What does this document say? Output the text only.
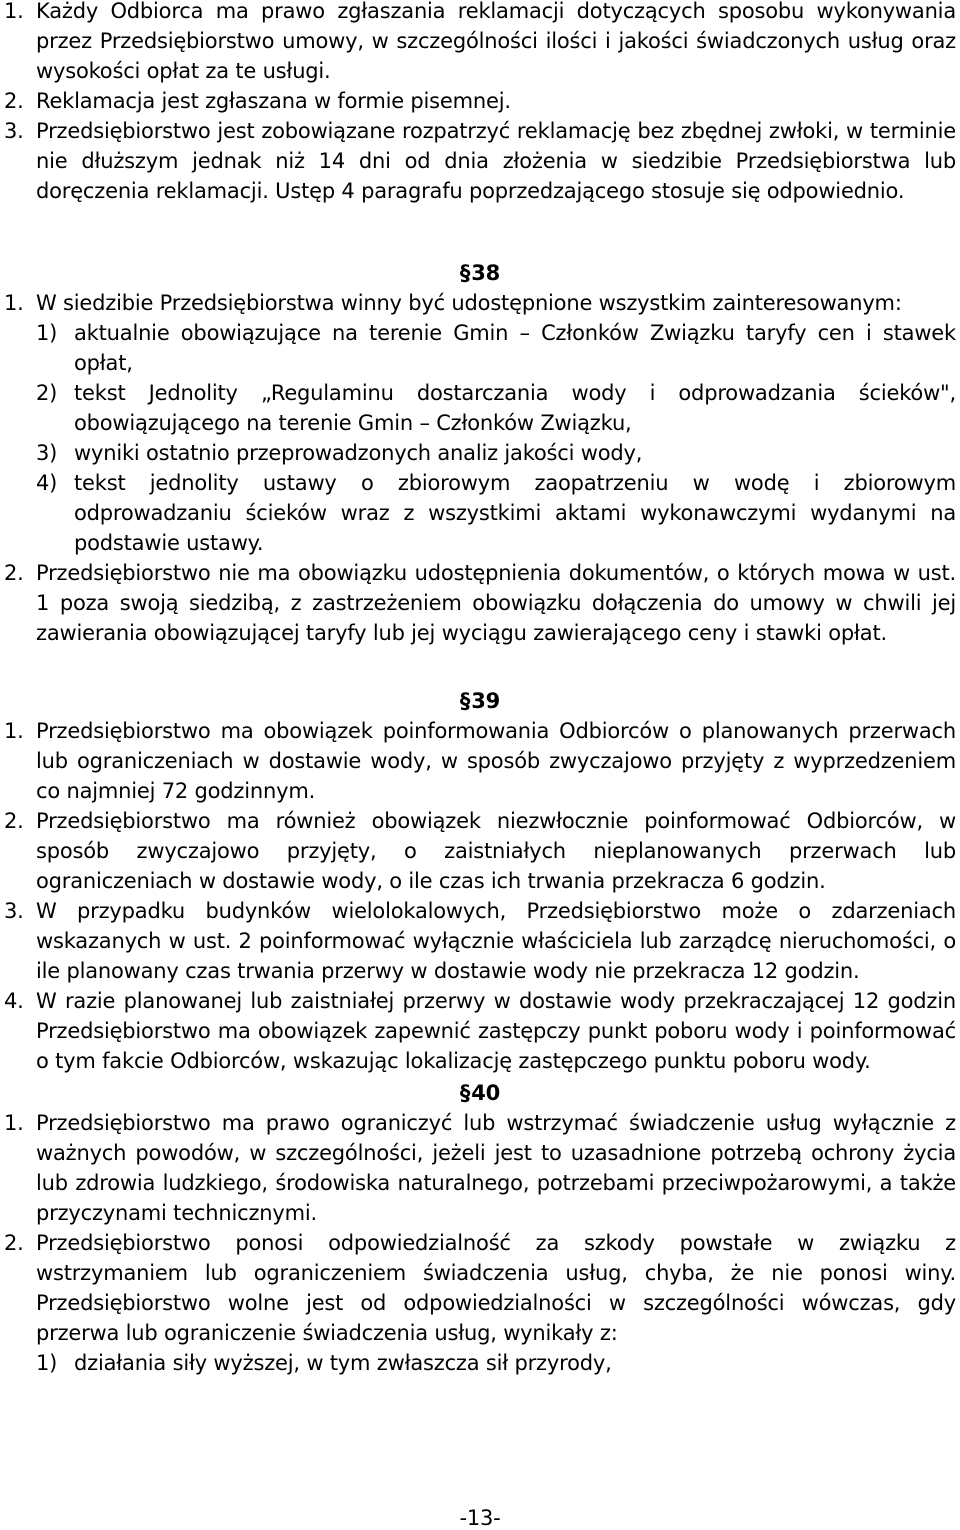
1. Każdy Odbiorca ma prawo zgłaszania reklamacji dotyczących sposobu wykonywania przez Przedsiębiorstwo umowy, w szczególności ilości i jakości świadczonych usług oraz wysokości opłat za te usługi.
2. Reklamacja jest zgłaszana w formie pisemnej.
3. Przedsiębiorstwo jest zobowiązane rozpatrzyć reklamację bez zbędnej zwłoki, w terminie nie dłuższym jednak niż 14 dni od dnia złożenia w siedzibie Przedsiębiorstwa lub doręczenia reklamacji. Ustęp 4 paragrafu poprzedzającego stosuje się odpowiednio.
§38
1. W siedzibie Przedsiębiorstwa winny być udostępnione wszystkim zainteresowanym:
1) aktualnie obowiązujące na terenie Gmin – Członków Związku taryfy cen i stawek opłat,
2) tekst Jednolity „Regulaminu dostarczania wody i odprowadzania ścieków", obowiązującego na terenie Gmin – Członków Związku,
3) wyniki ostatnio przeprowadzonych analiz jakości wody,
4) tekst jednolity ustawy o zbiorowym zaopatrzeniu w wodę i zbiorowym odprowadzaniu ścieków wraz z wszystkimi aktami wykonawczymi wydanymi na podstawie ustawy.
2. Przedsiębiorstwo nie ma obowiązku udostępnienia dokumentów, o których mowa w ust. 1 poza swoją siedzibą, z zastrzeżeniem obowiązku dołączenia do umowy w chwili jej zawierania obowiązującej taryfy lub jej wyciągu zawierającego ceny i stawki opłat.
§39
1. Przedsiębiorstwo ma obowiązek poinformowania Odbiorców o planowanych przerwach lub ograniczeniach w dostawie wody, w sposób zwyczajowo przyjęty z wyprzedzeniem co najmniej 72 godzinnym.
2. Przedsiębiorstwo ma również obowiązek niezwłocznie poinformować Odbiorców, w sposób zwyczajowo przyjęty, o zaistniałych nieplanowanych przerwach lub ograniczeniach w dostawie wody, o ile czas ich trwania przekracza 6 godzin.
3. W przypadku budynków wielolokalowych, Przedsiębiorstwo może o zdarzeniach wskazanych w ust. 2 poinformować wyłącznie właściciela lub zarządcę nieruchomości, o ile planowany czas trwania przerwy w dostawie wody nie przekracza 12 godzin.
4. W razie planowanej lub zaistniałej przerwy w dostawie wody przekraczającej 12 godzin Przedsiębiorstwo ma obowiązek zapewnić zastępczy punkt poboru wody i poinformować o tym fakcie Odbiorców, wskazując lokalizację zastępczego punktu poboru wody.
§40
1. Przedsiębiorstwo ma prawo ograniczyć lub wstrzymać świadczenie usług wyłącznie z ważnych powodów, w szczególności, jeżeli jest to uzasadnione potrzebą ochrony życia lub zdrowia ludzkiego, środowiska naturalnego, potrzebami przeciwpożarowymi, a także przyczynami technicznymi.
2. Przedsiębiorstwo ponosi odpowiedzialność za szkody powstałe w związku z wstrzymaniem lub ograniczeniem świadczenia usług, chyba, że nie ponosi winy. Przedsiębiorstwo wolne jest od odpowiedzialności w szczególności wówczas, gdy przerwa lub ograniczenie świadczenia usług, wynikały z:
1) działania siły wyższej, w tym zwłaszcza sił przyrody,
-13-
